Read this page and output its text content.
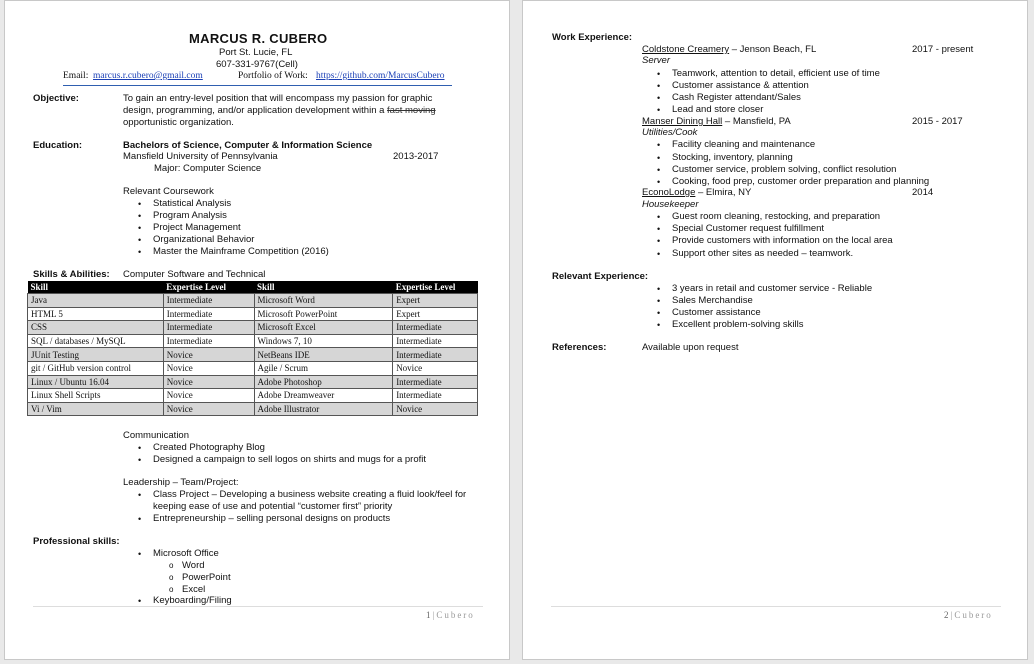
MARCUS R. CUBERO
Port St. Lucie, FL
607-331-9767(Cell)
Email: marcus.r.cubero@gmail.com	Portfolio of Work: https://github.com/MarcusCubero
Objective:	To gain an entry-level position that will encompass my passion for graphic
design, programming, and/or application development within a fast moving
opportunistic organization.
Education:	Bachelors of Science, Computer & Information Science
Mansfield University of Pennsylvania	2013-2017
Major: Computer Science
Relevant Coursework
• Statistical Analysis
• Program Analysis
• Project Management
• Organizational Behavior
• Master the Mainframe Competition (2016)
Skills & Abilities: Computer Software and Technical
Skill	Expertise Level	Skill	Expertise Level
Java	Intermediate	Microsoft Word	Expert
HTML 5	Intermediate	Microsoft PowerPoint	Expert
CSS	Intermediate	Microsoft Excel	Intermediate
SQL / databases / MySQL	Intermediate	Windows 7, 10	Intermediate
JUnit Testing	Novice	NetBeans IDE	Intermediate
git / GitHub version control	Novice	Agile / Scrum	Novice
Linux / Ubuntu 16.04	Novice	Adobe Photoshop	Intermediate
Linux Shell Scripts	Novice	Adobe Dreamweaver	Intermediate
Vi / Vim	Novice	Adobe Illustrator	Novice
Communication
• Created Photography Blog
• Designed a campaign to sell logos on shirts and mugs for a profit
Leadership – Team/Project:
• Class Project – Developing a business website creating a fluid look/feel for
keeping ease of use and potential “customer first” priority
• Entrepreneurship – selling personal designs on products
Professional skills:
• Microsoft Office
o Word
o PowerPoint
o Excel
• Keyboarding/Filing
1|Cubero
Work Experience:
Coldstone Creamery – Jenson Beach, FL	2017 - present
Server
• Teamwork, attention to detail, efficient use of time
• Customer assistance & attention
• Cash Register attendant/Sales
• Lead and store closer
Manser Dining Hall – Mansfield, PA	2015 - 2017
Utilities/Cook
• Facility cleaning and maintenance
• Stocking, inventory, planning
• Customer service, problem solving, conflict resolution
• Cooking, food prep, customer order preparation and planning
EconoLodge – Elmira, NY	2014
Housekeeper
• Guest room cleaning, restocking, and preparation
• Special Customer request fulfillment
• Provide customers with information on the local area
• Support other sites as needed – teamwork.
Relevant Experience:
• 3 years in retail and customer service - Reliable
• Sales Merchandise
• Customer assistance
• Excellent problem-solving skills
References:	Available upon request
2|Cubero
